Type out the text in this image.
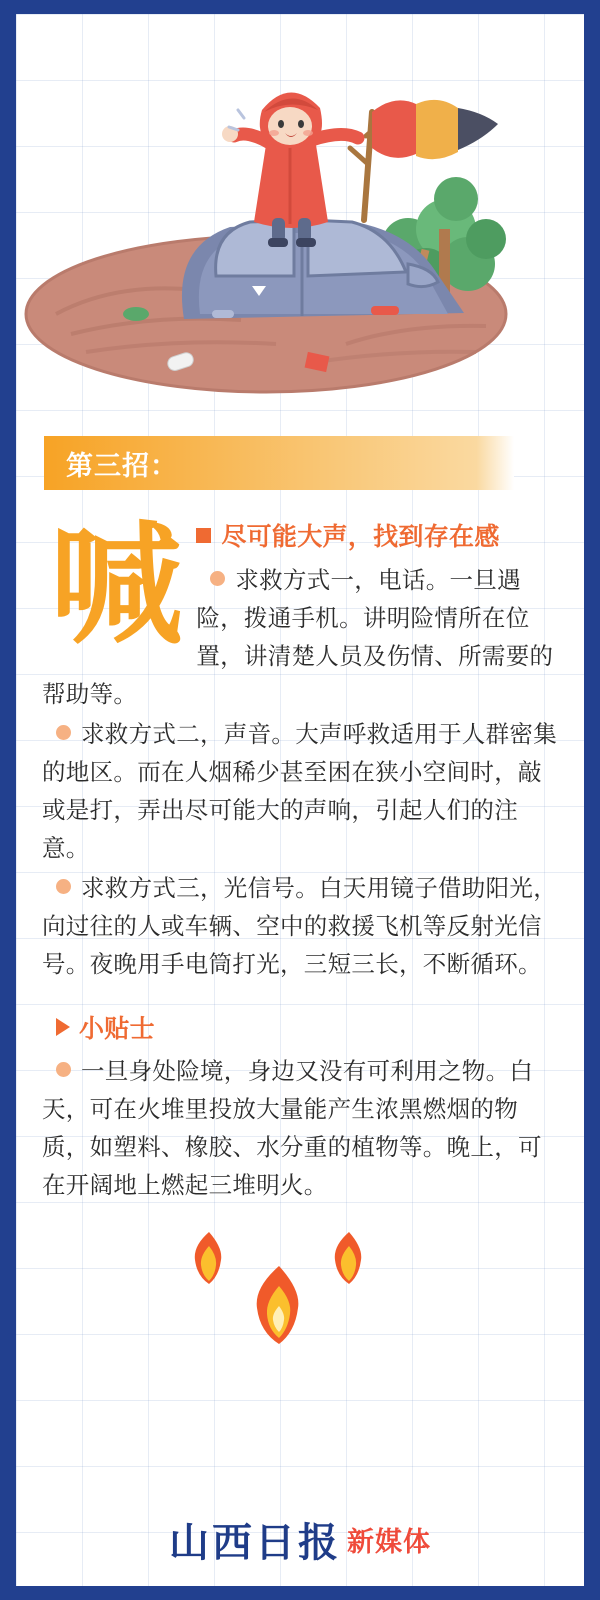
第三招：
喊	尽可能大声，找到存在感

求救方式一，电话。一旦遇险，拨通手机。讲明险情所在位置，讲清楚人员及伤情、所需要的帮助等。

求救方式二，声音。大声呼救适用于人群密集的地区。而在人烟稀少甚至困在狭小空间时，敲或是打，弄出尽可能大的声响，引起人们的注意。

求救方式三，光信号。白天用镜子借助阳光，向过往的人或车辆、空中的救援飞机等反射光信号。夜晚用手电筒打光，三短三长，不断循环。

小贴士

一旦身处险境，身边又没有可利用之物。白天，可在火堆里投放大量能产生浓黑燃烟的物质，如塑料、橡胶、水分重的植物等。晚上，可在开阔地上燃起三堆明火。

山西日报 新媒体
